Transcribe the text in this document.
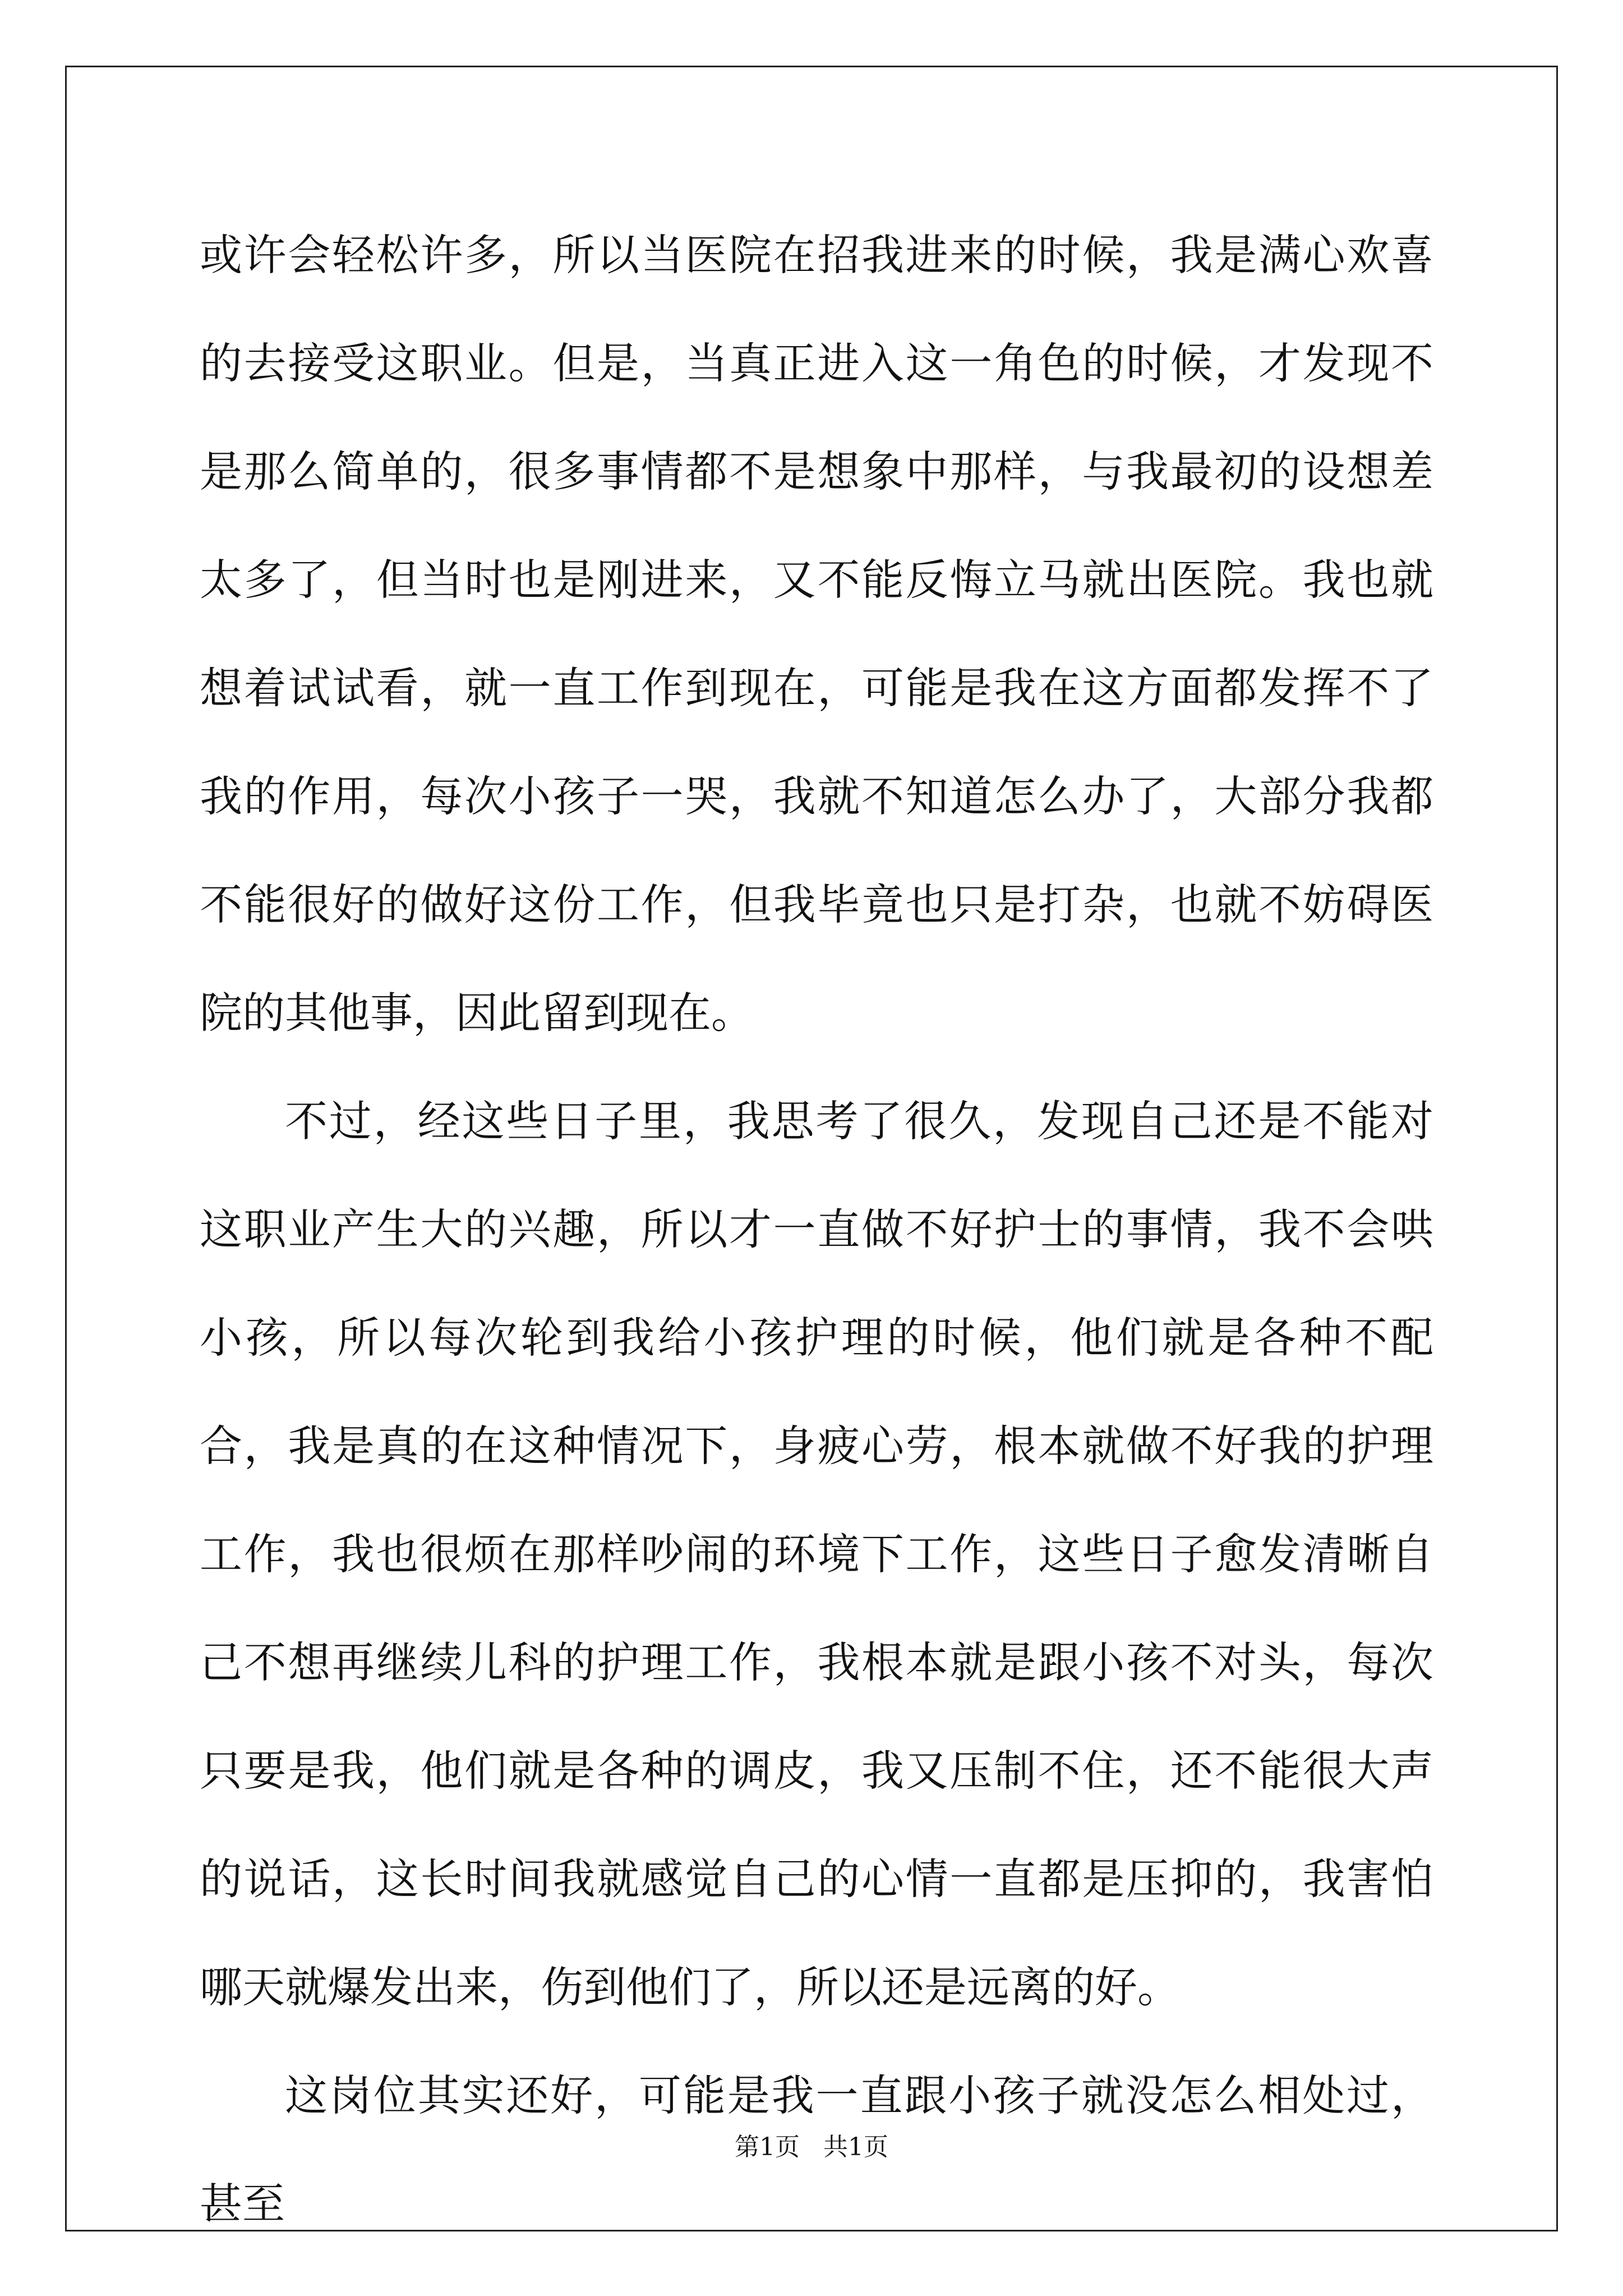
或许会轻松许多，所以当医院在招我进来的时候，我是满心欢喜的去接受这职业。但是，当真正进入这一角色的时候，才发现不是那么简单的，很多事情都不是想象中那样，与我最初的设想差太多了，但当时也是刚进来，又不能反悔立马就出医院。我也就想着试试看，就一直工作到现在，可能是我在这方面都发挥不了我的作用，每次小孩子一哭，我就不知道怎么办了，大部分我都不能很好的做好这份工作，但我毕竟也只是打杂，也就不妨碍医院的其他事，因此留到现在。

不过，经这些日子里，我思考了很久，发现自己还是不能对这职业产生大的兴趣，所以才一直做不好护士的事情，我不会哄小孩，所以每次轮到我给小孩护理的时候，他们就是各种不配合，我是真的在这种情况下，身疲心劳，根本就做不好我的护理工作，我也很烦在那样吵闹的环境下工作，这些日子愈发清晰自己不想再继续儿科的护理工作，我根本就是跟小孩不对头，每次只要是我，他们就是各种的调皮，我又压制不住，还不能很大声的说话，这长时间我就感觉自己的心情一直都是压抑的，我害怕哪天就爆发出来，伤到他们了，所以还是远离的好。

这岗位其实还好，可能是我一直跟小孩子就没怎么相处过，甚至

第1页   共1页
